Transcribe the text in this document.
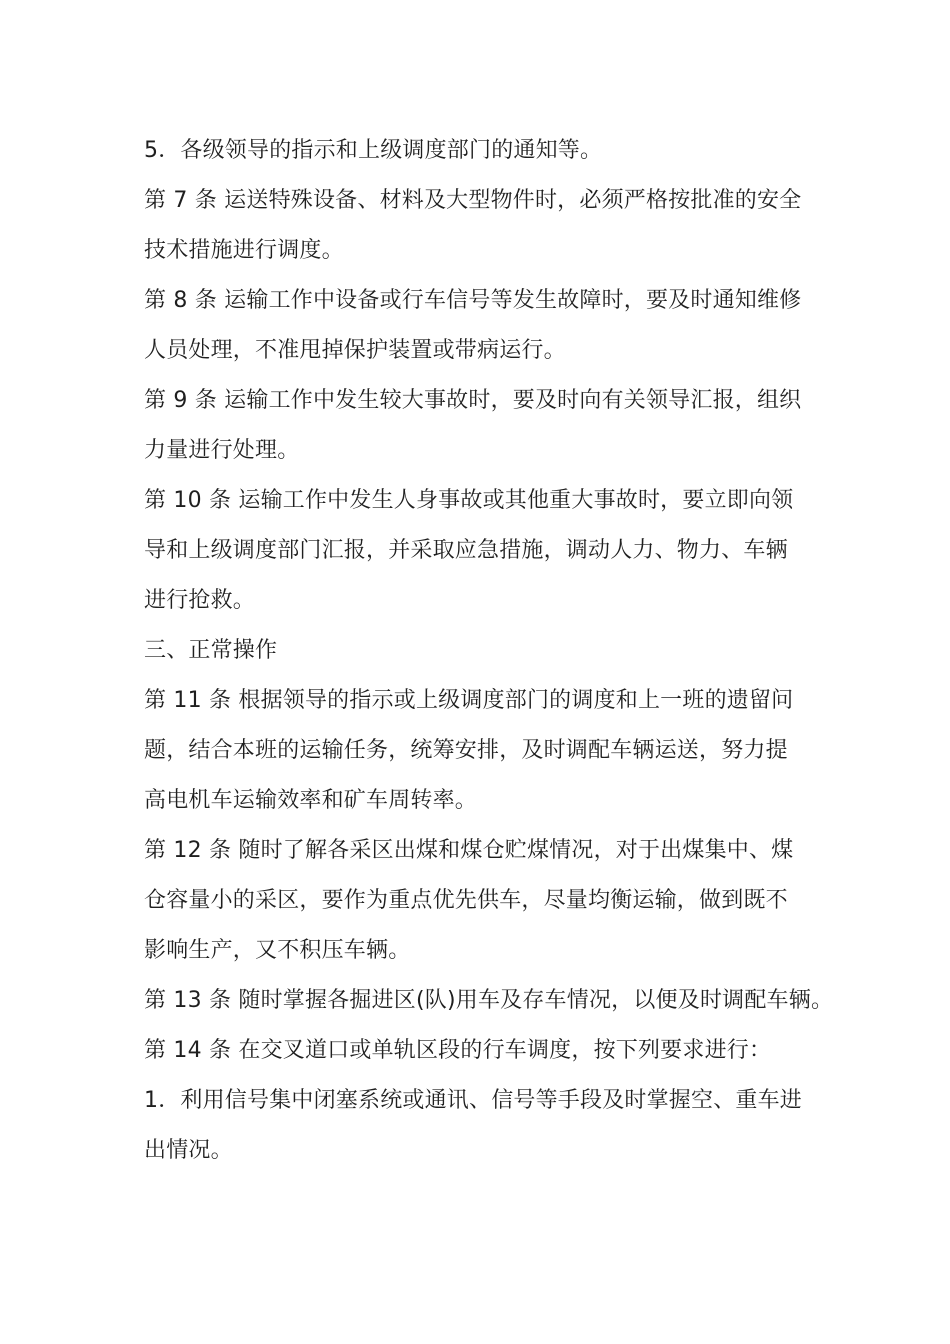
5．各级领导的指示和上级调度部门的通知等。
第 7 条 运送特殊设备、材料及大型物件时，必须严格按批准的安全
技术措施进行调度。
第 8 条 运输工作中设备或行车信号等发生故障时，要及时通知维修
人员处理，不准甩掉保护装置或带病运行。
第 9 条 运输工作中发生较大事故时，要及时向有关领导汇报，组织
力量进行处理。
第 10 条 运输工作中发生人身事故或其他重大事故时，要立即向领
导和上级调度部门汇报，并采取应急措施，调动人力、物力、车辆
进行抢救。
三、正常操作
第 11 条 根据领导的指示或上级调度部门的调度和上一班的遗留问
题，结合本班的运输任务，统筹安排，及时调配车辆运送，努力提
高电机车运输效率和矿车周转率。
第 12 条 随时了解各采区出煤和煤仓贮煤情况，对于出煤集中、煤
仓容量小的采区，要作为重点优先供车，尽量均衡运输，做到既不
影响生产，又不积压车辆。
第 13 条 随时掌握各掘进区(队)用车及存车情况，以便及时调配车辆。
第 14 条 在交叉道口或单轨区段的行车调度，按下列要求进行：
1．利用信号集中闭塞系统或通讯、信号等手段及时掌握空、重车进
出情况。
